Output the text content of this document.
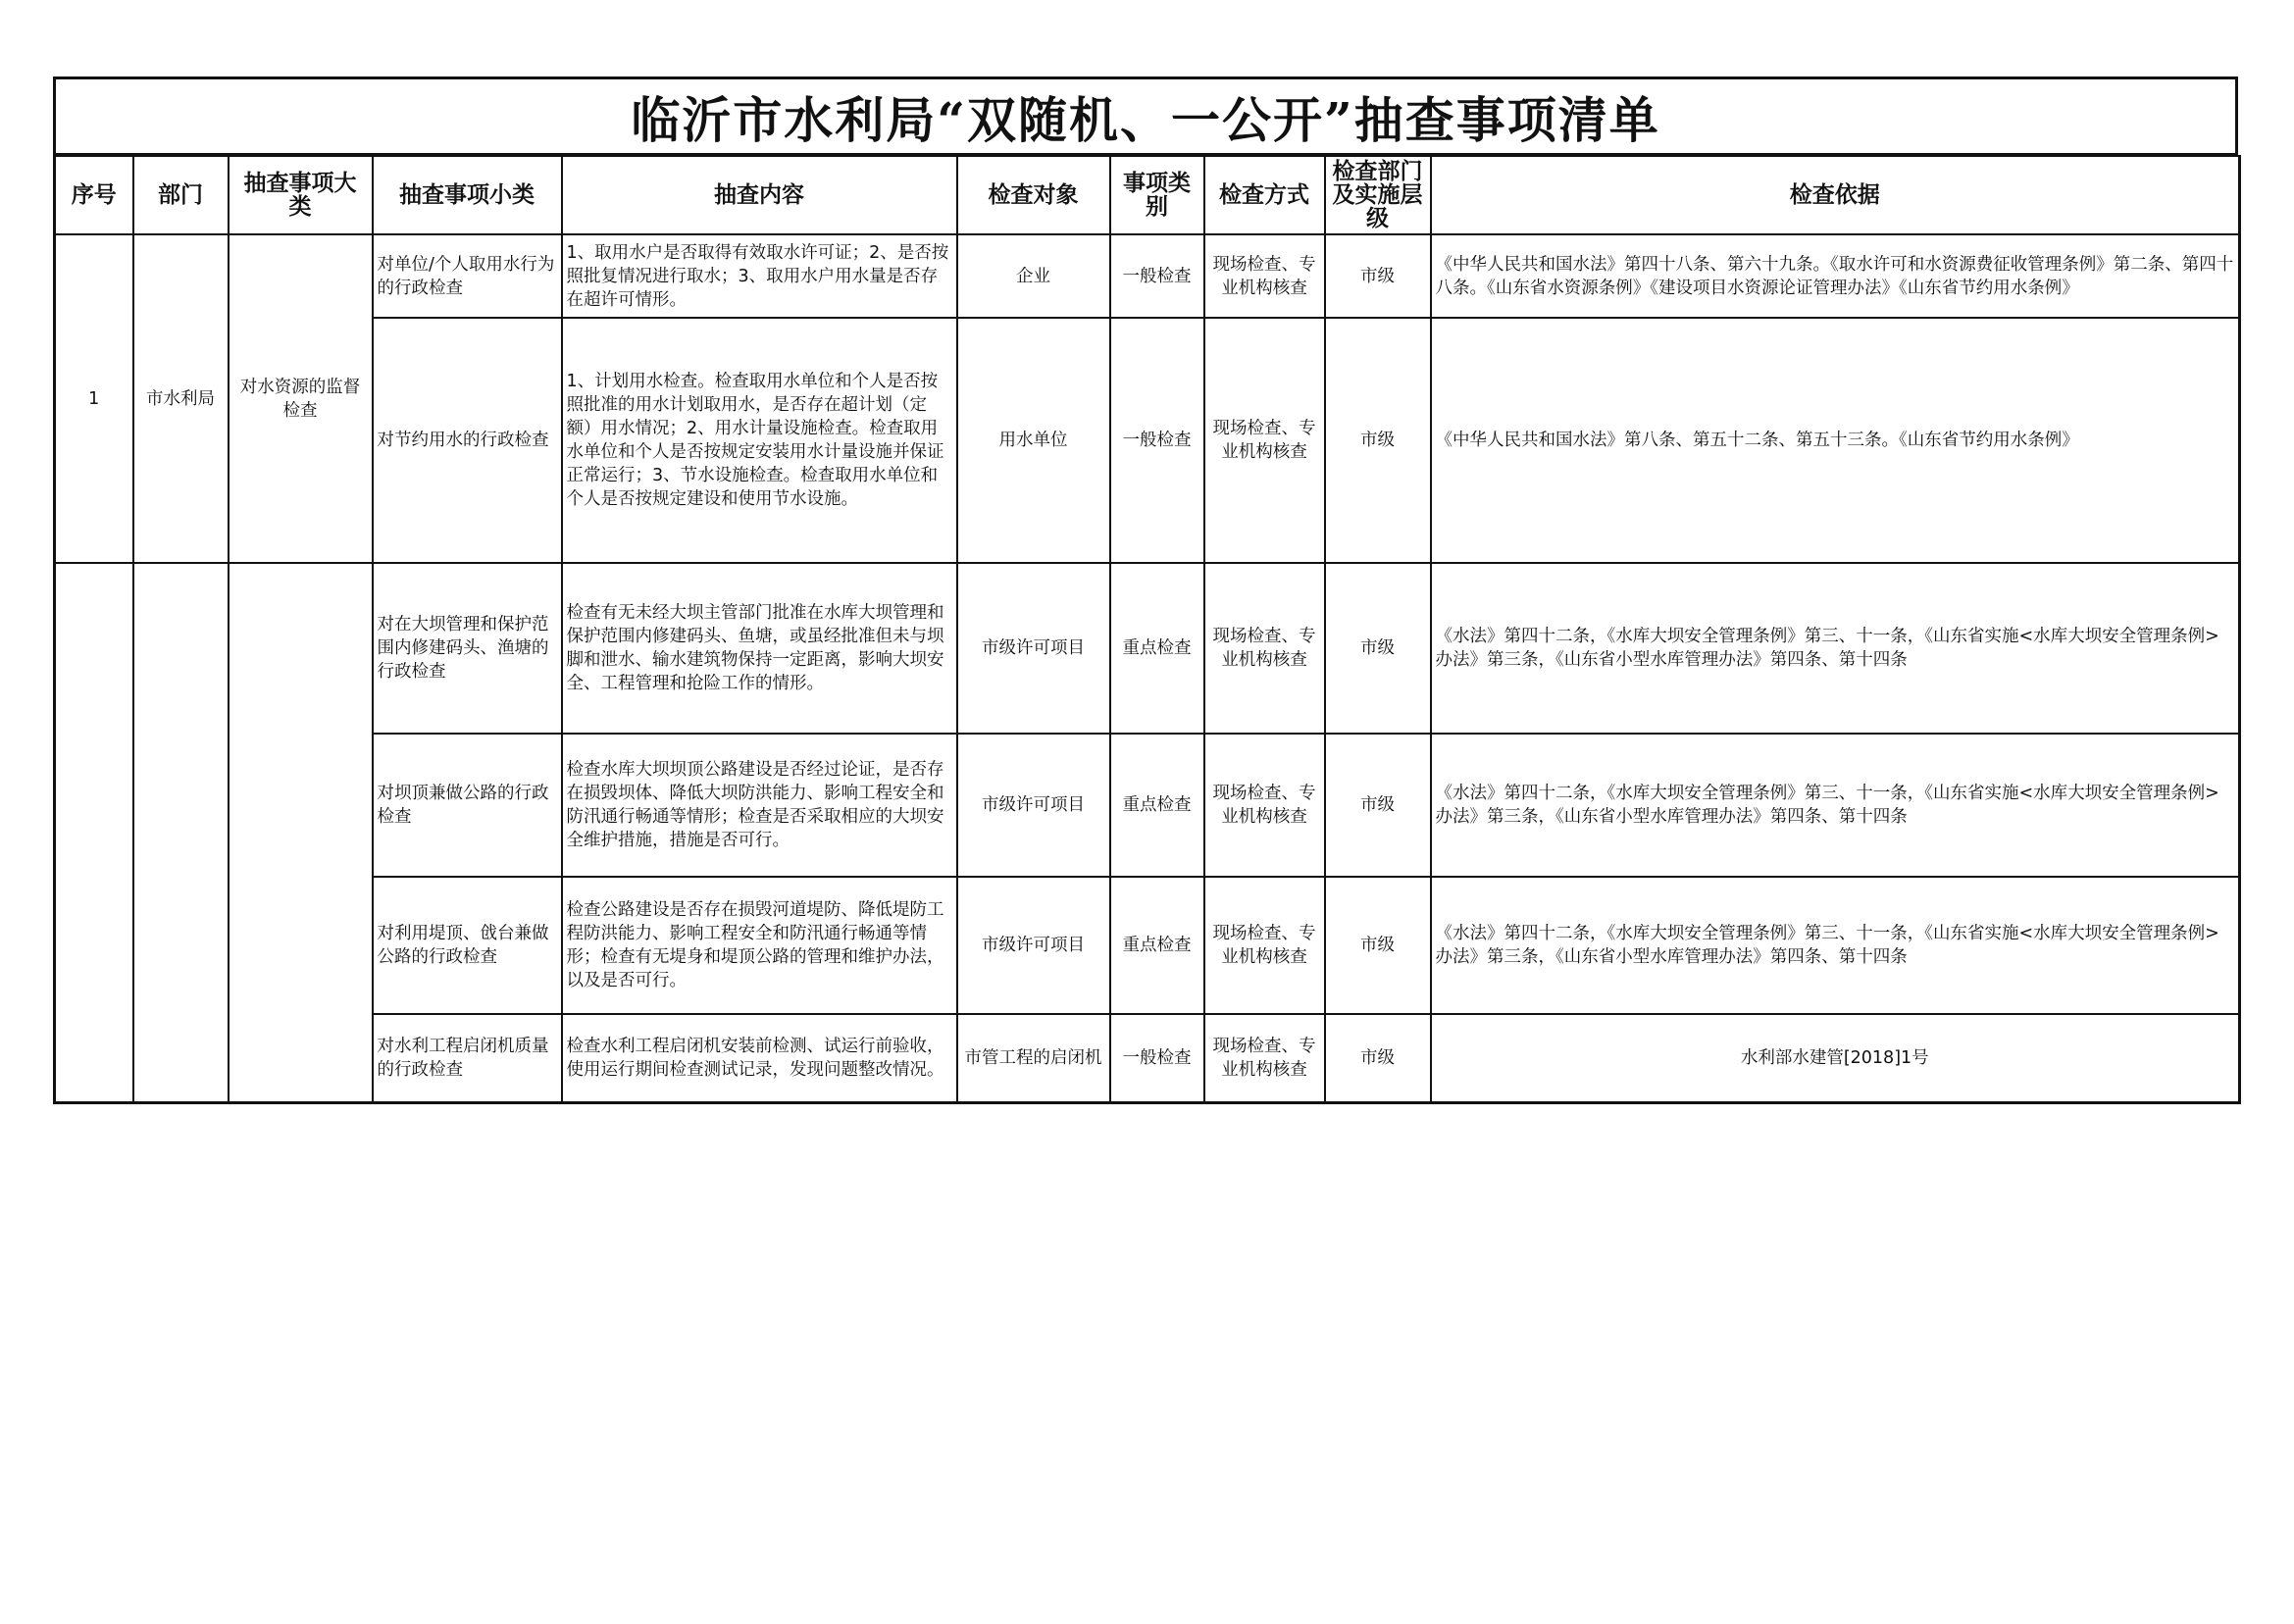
临沂市水利局“双随机、一公开”抽查事项清单
序号	部门	抽查事项大类	抽查事项小类	抽查内容	检查对象	事项类别	检查方式	检查部门及实施层级	检查依据
1	市水利局	对水资源的监督检查	对单位/个人取用水行为的行政检查	1、取用水户是否取得有效取水许可证；2、是否按照批复情况进行取水；3、取用水户用水量是否存在超许可情形。	企业	一般检查	现场检查、专业机构核查	市级	《中华人民共和国水法》第四十八条、第六十九条。《取水许可和水资源费征收管理条例》第二条、第四十八条。《山东省水资源条例》《建设项目水资源论证管理办法》《山东省节约用水条例》
			对节约用水的行政检查	1、计划用水检查。检查取用水单位和个人是否按照批准的用水计划取用水，是否存在超计划（定额）用水情况；2、用水计量设施检查。检查取用水单位和个人是否按规定安装用水计量设施并保证正常运行；3、节水设施检查。检查取用水单位和个人是否按规定建设和使用节水设施。	用水单位	一般检查	现场检查、专业机构核查	市级	《中华人民共和国水法》第八条、第五十二条、第五十三条。《山东省节约用水条例》
			对在大坝管理和保护范围内修建码头、渔塘的行政检查	检查有无未经大坝主管部门批准在水库大坝管理和保护范围内修建码头、鱼塘，或虽经批准但未与坝脚和泄水、输水建筑物保持一定距离，影响大坝安全、工程管理和抢险工作的情形。	市级许可项目	重点检查	现场检查、专业机构核查	市级	《水法》第四十二条，《水库大坝安全管理条例》第三、十一条，《山东省实施<水库大坝安全管理条例>办法》第三条，《山东省小型水库管理办法》第四条、第十四条
			对坝顶兼做公路的行政检查	检查水库大坝坝顶公路建设是否经过论证，是否存在损毁坝体、降低大坝防洪能力、影响工程安全和防汛通行畅通等情形；检查是否采取相应的大坝安全维护措施，措施是否可行。	市级许可项目	重点检查	现场检查、专业机构核查	市级	《水法》第四十二条，《水库大坝安全管理条例》第三、十一条，《山东省实施<水库大坝安全管理条例>办法》第三条，《山东省小型水库管理办法》第四条、第十四条
			对利用堤顶、戗台兼做公路的行政检查	检查公路建设是否存在损毁河道堤防、降低堤防工程防洪能力、影响工程安全和防汛通行畅通等情形；检查有无堤身和堤顶公路的管理和维护办法，以及是否可行。	市级许可项目	重点检查	现场检查、专业机构核查	市级	《水法》第四十二条，《水库大坝安全管理条例》第三、十一条，《山东省实施<水库大坝安全管理条例>办法》第三条，《山东省小型水库管理办法》第四条、第十四条
			对水利工程启闭机质量的行政检查	检查水利工程启闭机安装前检测、试运行前验收，使用运行期间检查测试记录，发现问题整改情况。	市管工程的启闭机	一般检查	现场检查、专业机构核查	市级	水利部水建管[2018]1号
